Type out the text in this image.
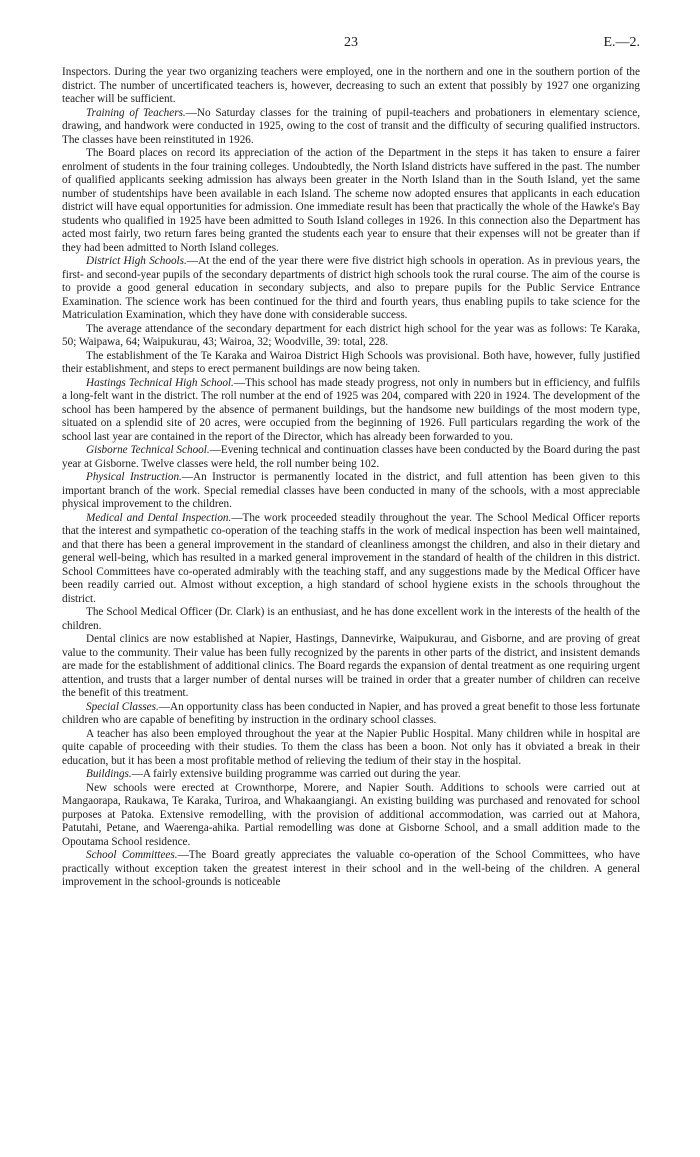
23	E.—2.

Inspectors. During the year two organizing teachers were employed, one in the northern and one in the southern portion of the district. The number of uncertificated teachers is, however, decreasing to such an extent that possibly by 1927 one organizing teacher will be sufficient.

Training of Teachers.—No Saturday classes for the training of pupil-teachers and probationers in elementary science, drawing, and handwork were conducted in 1925, owing to the cost of transit and the difficulty of securing qualified instructors. The classes have been reinstituted in 1926.

The Board places on record its appreciation of the action of the Department in the steps it has taken to ensure a fairer enrolment of students in the four training colleges. Undoubtedly, the North Island districts have suffered in the past. The number of qualified applicants seeking admission has always been greater in the North Island than in the South Island, yet the same number of studentships have been available in each Island. The scheme now adopted ensures that applicants in each education district will have equal opportunities for admission. One immediate result has been that practically the whole of the Hawke's Bay students who qualified in 1925 have been admitted to South Island colleges in 1926. In this connection also the Department has acted most fairly, two return fares being granted the students each year to ensure that their expenses will not be greater than if they had been admitted to North Island colleges.

District High Schools.—At the end of the year there were five district high schools in operation. As in previous years, the first- and second-year pupils of the secondary departments of district high schools took the rural course. The aim of the course is to provide a good general education in secondary subjects, and also to prepare pupils for the Public Service Entrance Examination. The science work has been continued for the third and fourth years, thus enabling pupils to take science for the Matriculation Examination, which they have done with considerable success.

The average attendance of the secondary department for each district high school for the year was as follows: Te Karaka, 50; Waipawa, 64; Waipukurau, 43; Wairoa, 32; Woodville, 39: total, 228.

The establishment of the Te Karaka and Wairoa District High Schools was provisional. Both have, however, fully justified their establishment, and steps to erect permanent buildings are now being taken.

Hastings Technical High School.—This school has made steady progress, not only in numbers but in efficiency, and fulfils a long-felt want in the district. The roll number at the end of 1925 was 204, compared with 220 in 1924. The development of the school has been hampered by the absence of permanent buildings, but the handsome new buildings of the most modern type, situated on a splendid site of 20 acres, were occupied from the beginning of 1926. Full particulars regarding the work of the school last year are contained in the report of the Director, which has already been forwarded to you.

Gisborne Technical School.—Evening technical and continuation classes have been conducted by the Board during the past year at Gisborne. Twelve classes were held, the roll number being 102.

Physical Instruction.—An Instructor is permanently located in the district, and full attention has been given to this important branch of the work. Special remedial classes have been conducted in many of the schools, with a most appreciable physical improvement to the children.

Medical and Dental Inspection.—The work proceeded steadily throughout the year. The School Medical Officer reports that the interest and sympathetic co-operation of the teaching staffs in the work of medical inspection has been well maintained, and that there has been a general improvement in the standard of cleanliness amongst the children, and also in their dietary and general well-being, which has resulted in a marked general improvement in the standard of health of the children in this district. School Committees have co-operated admirably with the teaching staff, and any suggestions made by the Medical Officer have been readily carried out. Almost without exception, a high standard of school hygiene exists in the schools throughout the district.

The School Medical Officer (Dr. Clark) is an enthusiast, and he has done excellent work in the interests of the health of the children.

Dental clinics are now established at Napier, Hastings, Dannevirke, Waipukurau, and Gisborne, and are proving of great value to the community. Their value has been fully recognized by the parents in other parts of the district, and insistent demands are made for the establishment of additional clinics. The Board regards the expansion of dental treatment as one requiring urgent attention, and trusts that a larger number of dental nurses will be trained in order that a greater number of children can receive the benefit of this treatment.

Special Classes.—An opportunity class has been conducted in Napier, and has proved a great benefit to those less fortunate children who are capable of benefiting by instruction in the ordinary school classes.

A teacher has also been employed throughout the year at the Napier Public Hospital. Many children while in hospital are quite capable of proceeding with their studies. To them the class has been a boon. Not only has it obviated a break in their education, but it has been a most profitable method of relieving the tedium of their stay in the hospital.

Buildings.—A fairly extensive building programme was carried out during the year.

New schools were erected at Crownthorpe, Morere, and Napier South. Additions to schools were carried out at Mangaorapa, Raukawa, Te Karaka, Turiroa, and Whakaangiangi. An existing building was purchased and renovated for school purposes at Patoka. Extensive remodelling, with the provision of additional accommodation, was carried out at Mahora, Patutahi, Petane, and Waerenga-ahika. Partial remodelling was done at Gisborne School, and a small addition made to the Opoutama School residence.

School Committees.—The Board greatly appreciates the valuable co-operation of the School Committees, who have practically without exception taken the greatest interest in their school and in the well-being of the children. A general improvement in the school-grounds is noticeable
